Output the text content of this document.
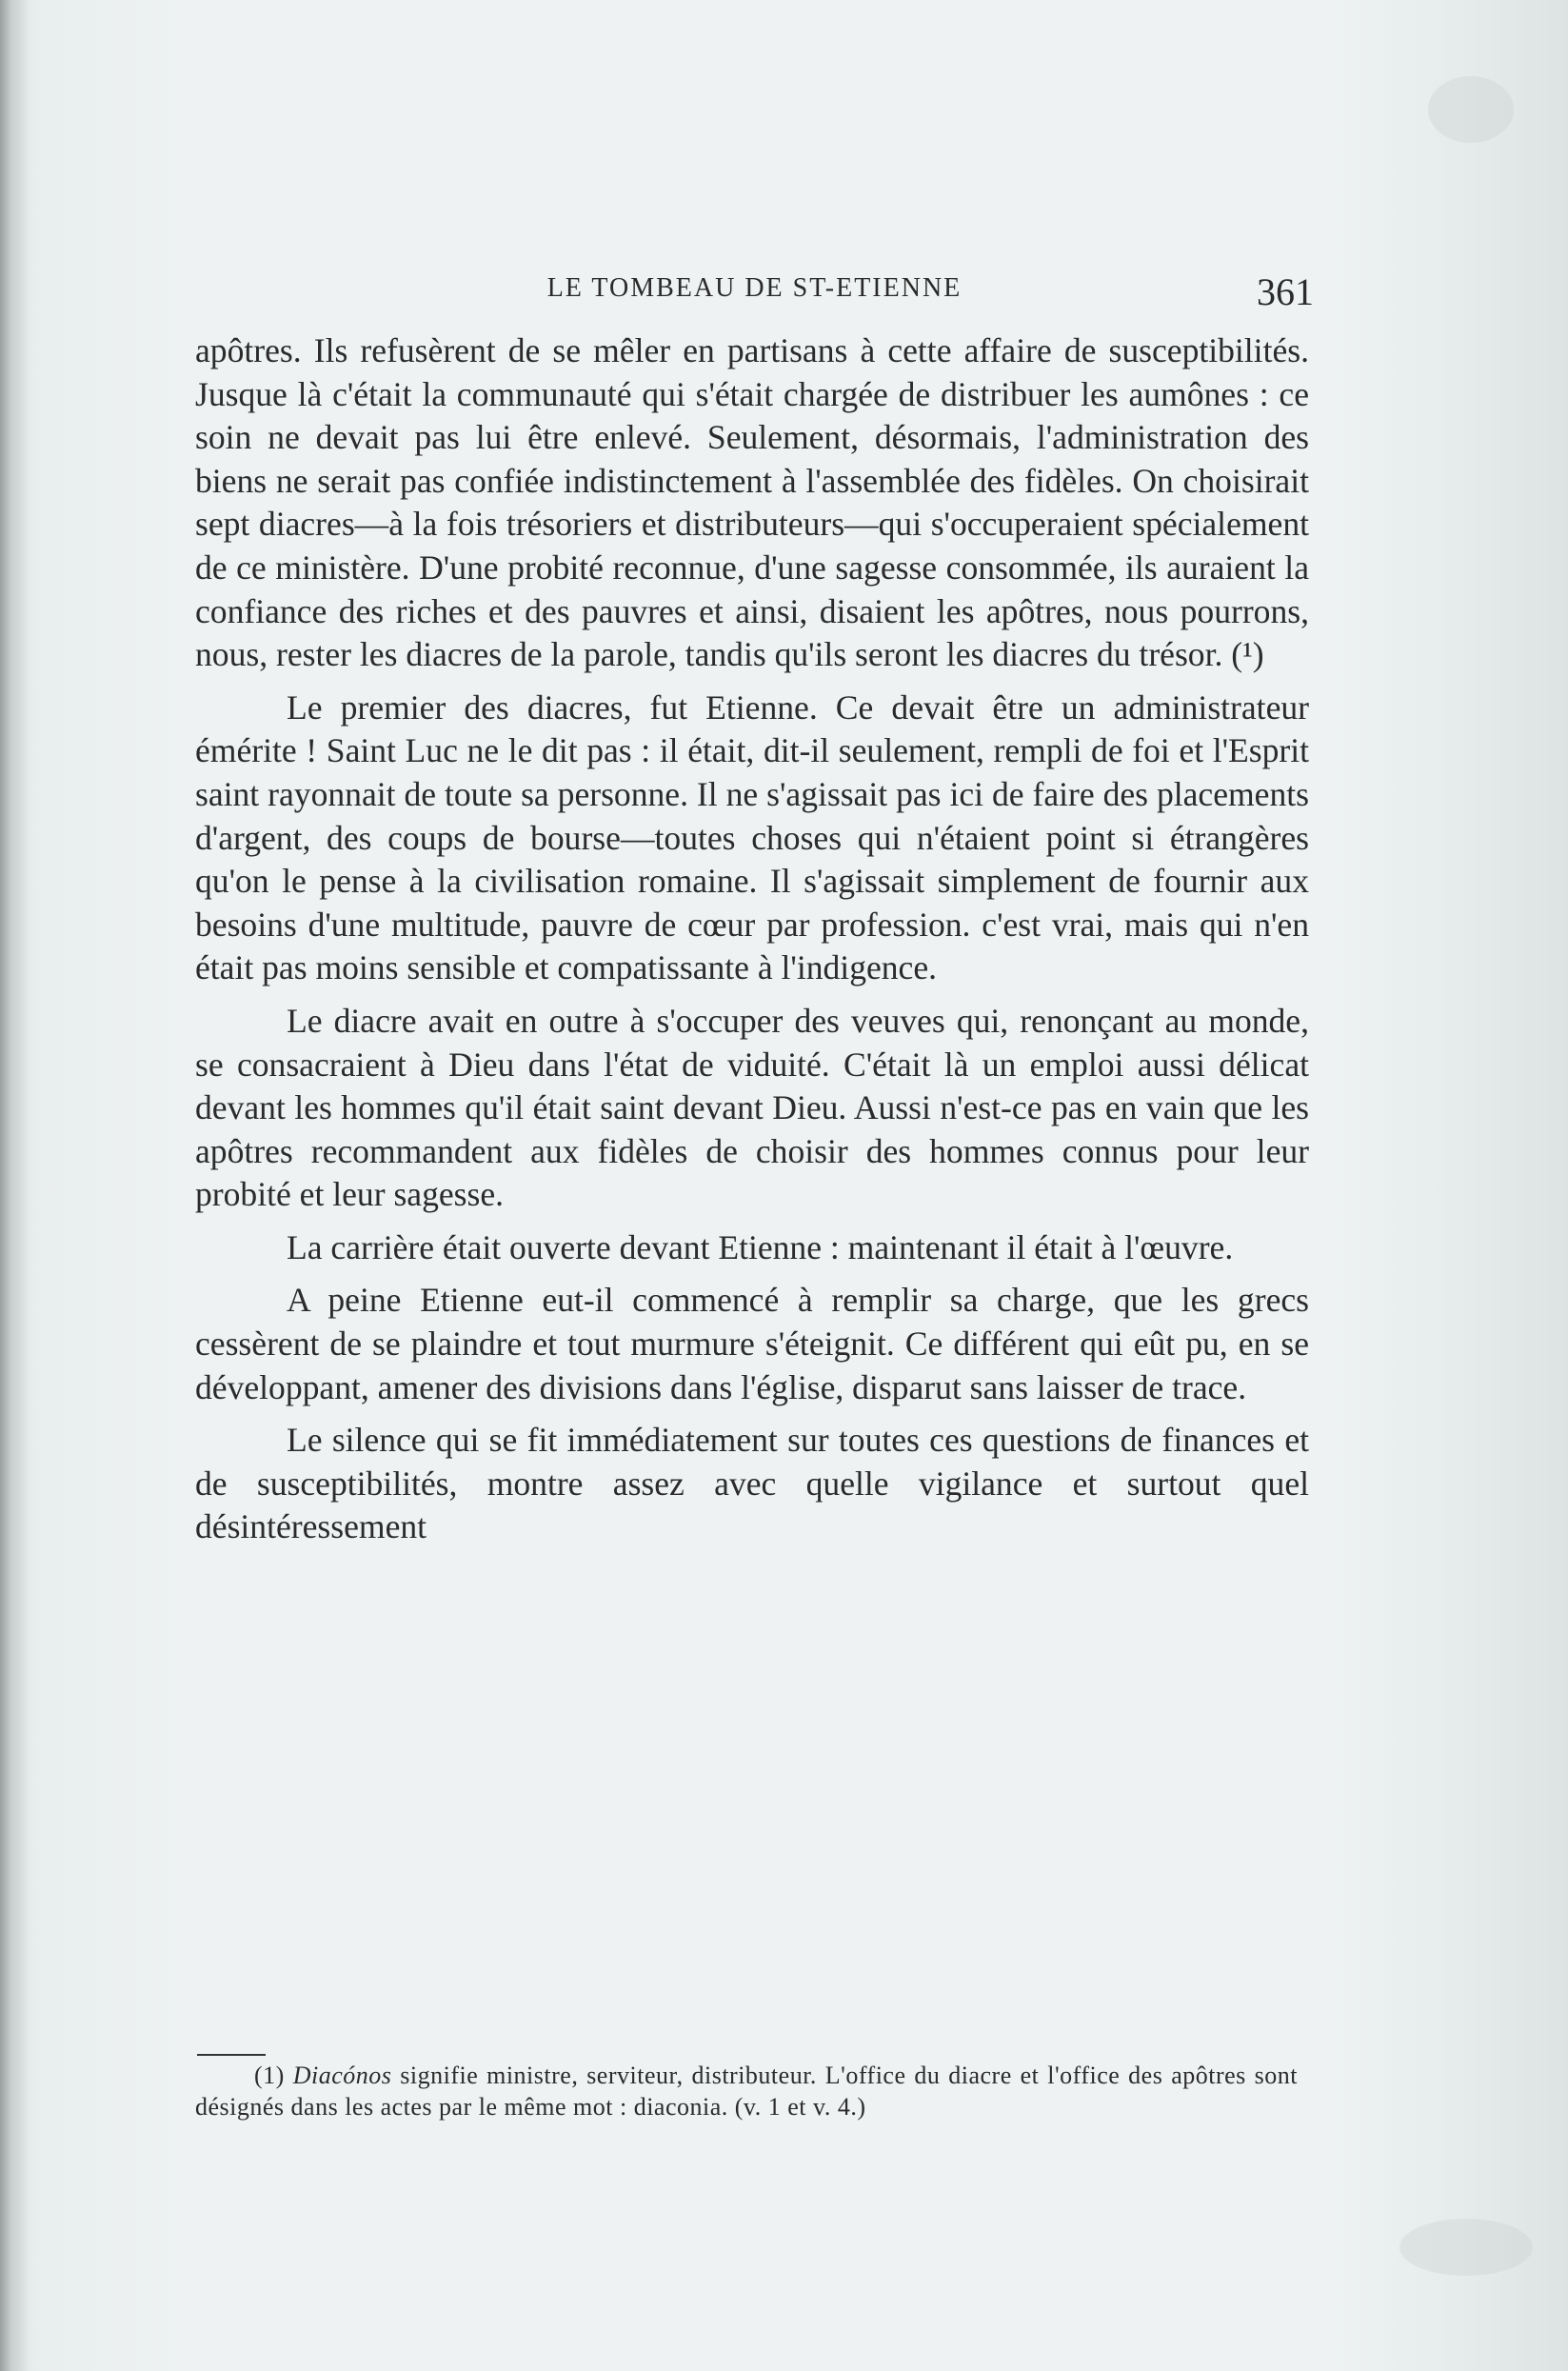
LE TOMBEAU DE ST-ETIENNE	361

apôtres. Ils refusèrent de se mêler en partisans à cette affaire de susceptibilités. Jusque là c'était la communauté qui s'était chargée de distribuer les aumônes : ce soin ne devait pas lui être enlevé. Seulement, désormais, l'administration des biens ne serait pas confiée indistinctement à l'assemblée des fidèles. On choisirait sept diacres—à la fois trésoriers et distributeurs—qui s'occuperaient spécialement de ce ministère. D'une probité reconnue, d'une sagesse consommée, ils auraient la confiance des riches et des pauvres et ainsi, disaient les apôtres, nous pourrons, nous, rester les diacres de la parole, tandis qu'ils seront les diacres du trésor. (¹)

Le premier des diacres, fut Etienne. Ce devait être un administrateur émérite ! Saint Luc ne le dit pas : il était, dit-il seulement, rempli de foi et l'Esprit saint rayonnait de toute sa personne. Il ne s'agissait pas ici de faire des placements d'argent, des coups de bourse—toutes choses qui n'étaient point si étrangères qu'on le pense à la civilisation romaine. Il s'agissait simplement de fournir aux besoins d'une multitude, pauvre de cœur par profession. c'est vrai, mais qui n'en était pas moins sensible et compatissante à l'indigence.

Le diacre avait en outre à s'occuper des veuves qui, renonçant au monde, se consacraient à Dieu dans l'état de viduité. C'était là un emploi aussi délicat devant les hommes qu'il était saint devant Dieu. Aussi n'est-ce pas en vain que les apôtres recommandent aux fidèles de choisir des hommes connus pour leur probité et leur sagesse.

La carrière était ouverte devant Etienne : maintenant il était à l'œuvre.

A peine Etienne eut-il commencé à remplir sa charge, que les grecs cessèrent de se plaindre et tout murmure s'éteignit. Ce différent qui eût pu, en se développant, amener des divisions dans l'église, disparut sans laisser de trace.

Le silence qui se fit immédiatement sur toutes ces questions de finances et de susceptibilités, montre assez avec quelle vigilance et surtout quel désintéressement

(1) Diacónos signifie ministre, serviteur, distributeur. L'office du diacre et l'office des apôtres sont désignés dans les actes par le même mot : diaconia. (v. 1 et v. 4.)
